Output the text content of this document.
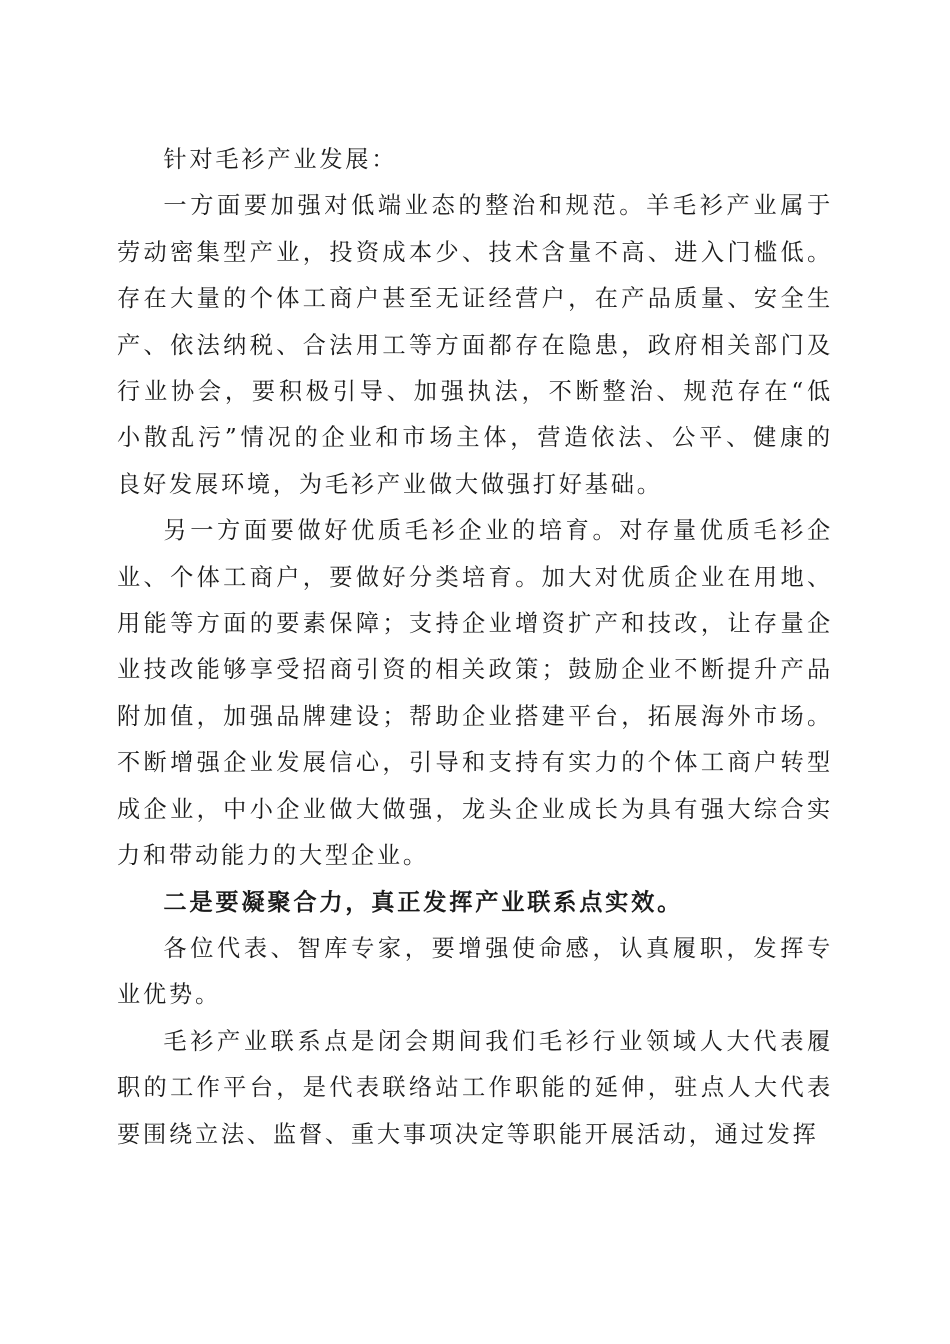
针对毛衫产业发展：

一方面要加强对低端业态的整治和规范。羊毛衫产业属于劳动密集型产业，投资成本少、技术含量不高、进入门槛低。存在大量的个体工商户甚至无证经营户，在产品质量、安全生产、依法纳税、合法用工等方面都存在隐患，政府相关部门及行业协会，要积极引导、加强执法，不断整治、规范存在“低小散乱污”情况的企业和市场主体，营造依法、公平、健康的良好发展环境，为毛衫产业做大做强打好基础。

另一方面要做好优质毛衫企业的培育。对存量优质毛衫企业、个体工商户，要做好分类培育。加大对优质企业在用地、用能等方面的要素保障；支持企业增资扩产和技改，让存量企业技改能够享受招商引资的相关政策；鼓励企业不断提升产品附加值，加强品牌建设；帮助企业搭建平台，拓展海外市场。不断增强企业发展信心，引导和支持有实力的个体工商户转型成企业，中小企业做大做强，龙头企业成长为具有强大综合实力和带动能力的大型企业。

二是要凝聚合力，真正发挥产业联系点实效。

各位代表、智库专家，要增强使命感，认真履职，发挥专业优势。

毛衫产业联系点是闭会期间我们毛衫行业领域人大代表履职的工作平台，是代表联络站工作职能的延伸，驻点人大代表要围绕立法、监督、重大事项决定等职能开展活动，通过发挥
